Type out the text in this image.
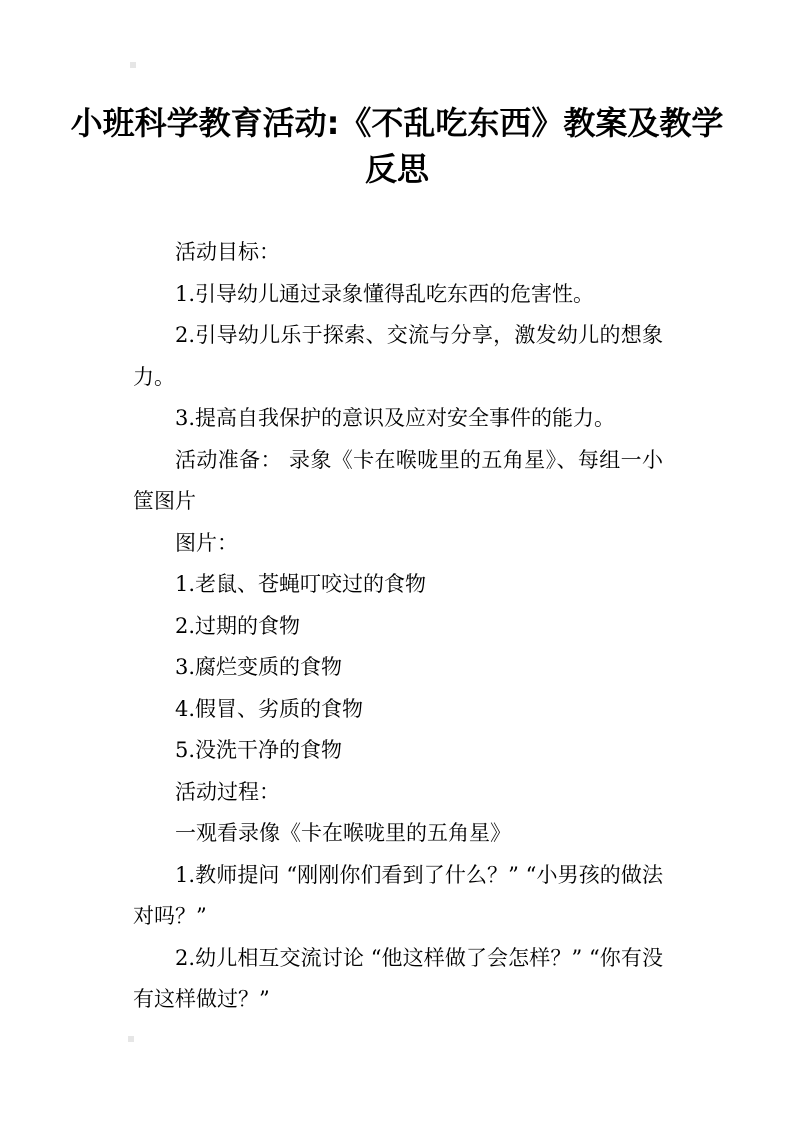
小班科学教育活动:《不乱吃东西》教案及教学反思

活动目标：

1.引导幼儿通过录象懂得乱吃东西的危害性。

2.引导幼儿乐于探索、交流与分享，激发幼儿的想象力。

3.提高自我保护的意识及应对安全事件的能力。

活动准备： 录象《卡在喉咙里的五角星》、每组一小筐图片

图片：

1.老鼠、苍蝇叮咬过的食物

2.过期的食物

3.腐烂变质的食物

4.假冒、劣质的食物

5.没洗干净的食物

活动过程：

一观看录像《卡在喉咙里的五角星》

1.教师提问 “刚刚你们看到了什么？” “小男孩的做法对吗？”

2.幼儿相互交流讨论 “他这样做了会怎样？” “你有没有这样做过？”
